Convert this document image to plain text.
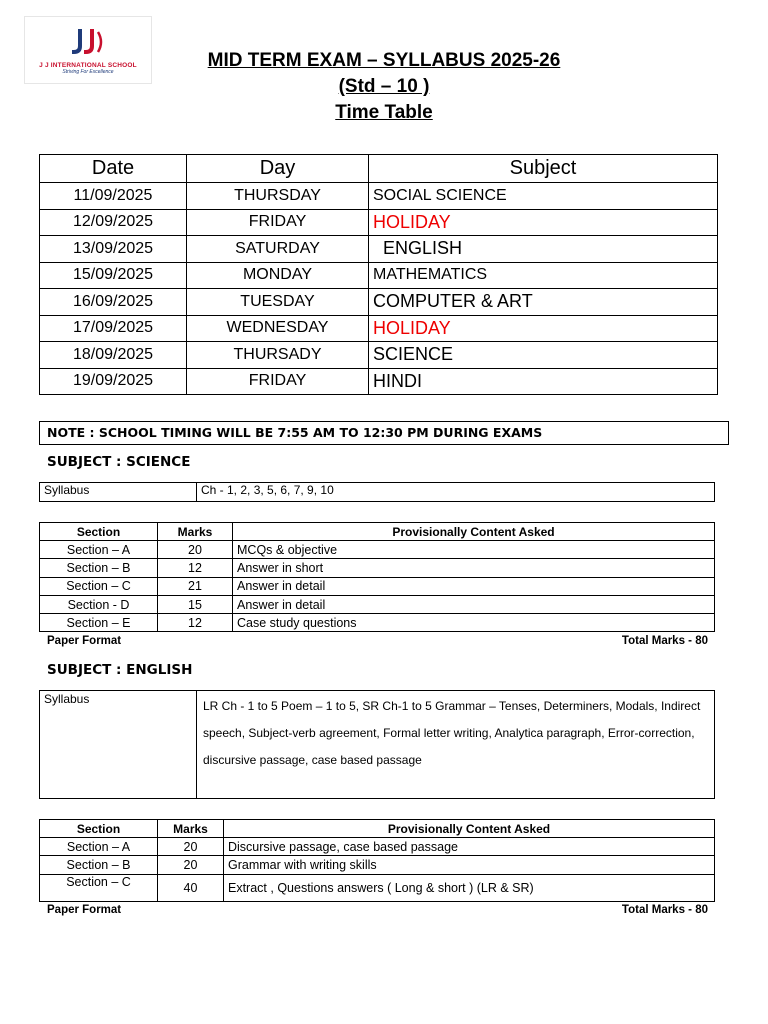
J J INTERNATIONAL SCHOOL
Striving For Excellence
MID TERM EXAM – SYLLABUS 2025-26
(Std – 10 )
Time Table
Date	Day	Subject
11/09/2025	THURSDAY	SOCIAL SCIENCE
12/09/2025	FRIDAY	HOLIDAY
13/09/2025	SATURDAY	ENGLISH
15/09/2025	MONDAY	MATHEMATICS
16/09/2025	TUESDAY	COMPUTER & ART
17/09/2025	WEDNESDAY	HOLIDAY
18/09/2025	THURSADY	SCIENCE
19/09/2025	FRIDAY	HINDI
NOTE : SCHOOL TIMING WILL BE 7:55 AM TO 12:30 PM DURING EXAMS
SUBJECT : SCIENCE
Syllabus	Ch - 1, 2, 3, 5, 6, 7, 9, 10
Section	Marks	Provisionally Content Asked
Section – A	20	MCQs & objective
Section – B	12	Answer in short
Section – C	21	Answer in detail
Section - D	15	Answer in detail
Section – E	12	Case study questions
Paper Format	Total Marks - 80
SUBJECT : ENGLISH
Syllabus	LR Ch - 1 to 5 Poem – 1 to 5, SR Ch-1 to 5 Grammar – Tenses, Determiners, Modals, Indirect speech, Subject-verb agreement, Formal letter writing, Analytica paragraph, Error-correction, discursive passage, case based passage
Section	Marks	Provisionally Content Asked
Section – A	20	Discursive passage, case based passage
Section – B	20	Grammar with writing skills
Section – C	40	Extract , Questions answers ( Long & short ) (LR & SR)
Paper Format	Total Marks - 80
